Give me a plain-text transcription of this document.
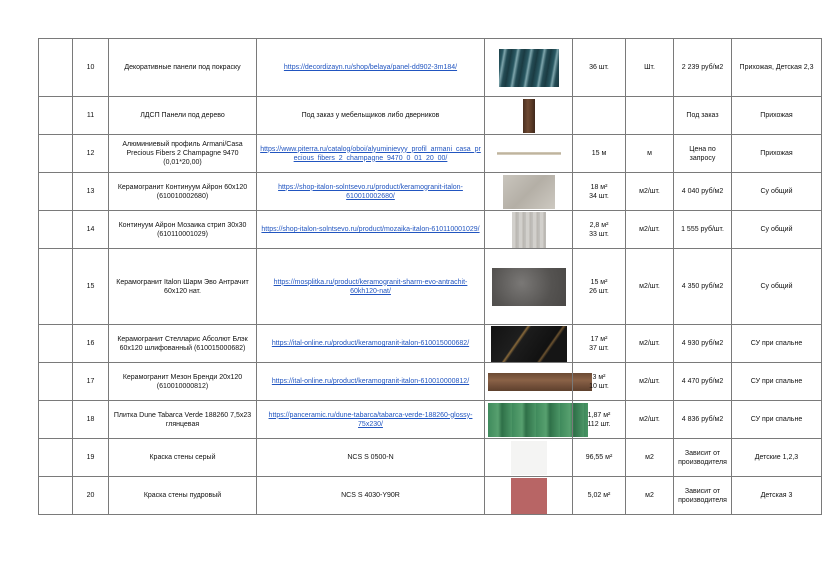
	10	Декоративные панели под покраску	https://decordizayn.ru/shop/belaya/panel-dd902-3m184/		36 шт.	Шт.	2 239 руб/м2	Прихожая, Детская 2,3
	11	ЛДСП Панели под дерево	Под заказ у мебельщиков либо дверников				Под заказ	Прихожая
	12	Алюминиевый профиль Armani/Casa Precious Fibers 2 Champagne 9470 (0,01*20,00)	https://www.piterra.ru/catalog/oboi/alyuminievyy_profil_armani_casa_precious_fibers_2_champagne_9470_0_01_20_00/		15 м	м	Цена по запросу	Прихожая
	13	Керамогранит Континуум Айрон 60х120 (610010002680)	https://shop-italon-solntsevo.ru/product/keramogranit-italon-610010002680/		18 м²
34 шт.	м2/шт.	4 040 руб/м2	Су общий
	14	Континуум Айрон Мозаика стрип 30х30 (610110001029)	https://shop-italon-solntsevo.ru/product/mozaika-italon-610110001029/		2,8 м²
33 шт.	м2/шт.	1 555 руб/шт.	Су общий
	15	Керамогранит Italon Шарм Эво Антрачит 60х120 нат.	https://mosplitka.ru/product/keramogranit-sharm-evo-antrachit-60kh120-nat/		15 м²
26 шт.	м2/шт.	4 350 руб/м2	Су общий
	16	Керамогранит Стелларис Абсолют Блэк 60х120 шлифованный (610015000682)	https://ital-online.ru/product/keramogranit-italon-610015000682/		17 м²
37 шт.	м2/шт.	4 930 руб/м2	СУ при спальне
	17	Керамогранит Мезон Бренди 20х120 (610010000812)	https://ital-online.ru/product/keramogranit-italon-610010000812/		3 м²
10 шт.	м2/шт.	4 470 руб/м2	СУ при спальне
	18	Плитка Dune Tabarca Verde 188260 7,5х23 глянцевая	https://panceramic.ru/dune-tabarca/tabarca-verde-188260-glossy-75x230/		1,87 м²
112 шт.	м2/шт.	4 836 руб/м2	СУ при спальне
	19	Краска стены серый	NCS S 0500-N		96,55 м²	м2	Зависит от производителя	Детские 1,2,3
	20	Краска стены пудровый	NCS S 4030-Y90R		5,02 м²	м2	Зависит от производителя	Детская 3
